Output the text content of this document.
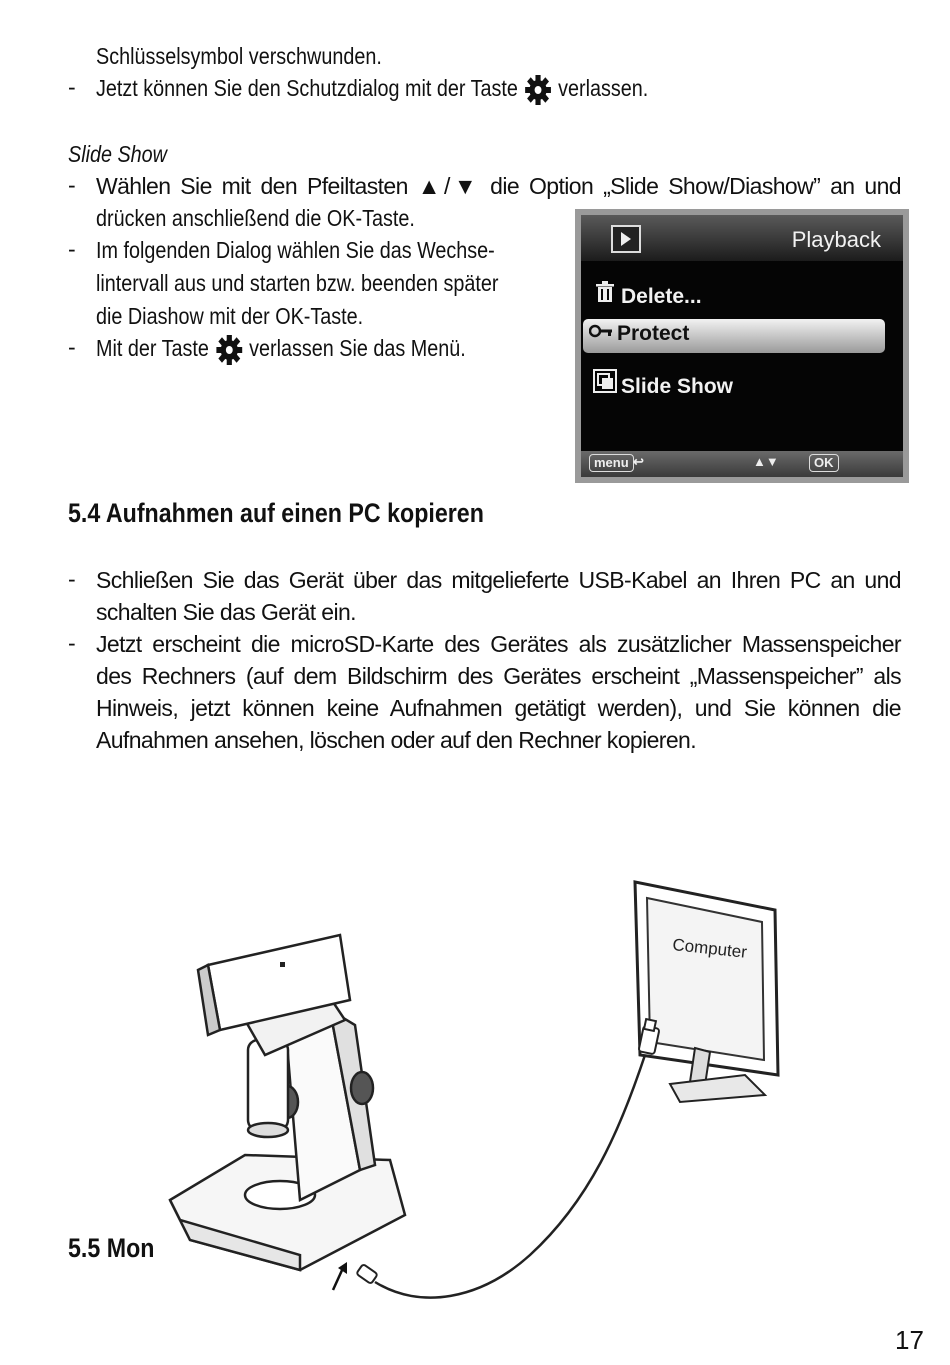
Schlüsselsymbol verschwunden.
- Jetzt können Sie den Schutzdialog mit der Taste verlassen.
Slide Show
- Wählen Sie mit den Pfeiltasten ▲/▼ die Option „Slide Show/Diashow” an und
drücken anschließend die OK-Taste.
- Im folgenden Dialog wählen Sie das Wechse-
lintervall aus und starten bzw. beenden später
die Diashow mit der OK-Taste.
- Mit der Taste verlassen Sie das Menü.
Playback
Delete...
Protect
Slide Show
menu ↩	▲▼	OK
5.4 Aufnahmen auf einen PC kopieren
- Schließen Sie das Gerät über das mitgelieferte USB-Kabel an Ihren PC an und
schalten Sie das Gerät ein.
- Jetzt erscheint die microSD-Karte des Gerätes als zusätzlicher Massenspeicher
des Rechners (auf dem Bildschirm des Gerätes erscheint „Massenspeicher” als
Hinweis, jetzt können keine Aufnahmen getätigt werden), und Sie können die
Aufnahmen ansehen, löschen oder auf den Rechner kopieren.
Computer
5.5 Mon
17
